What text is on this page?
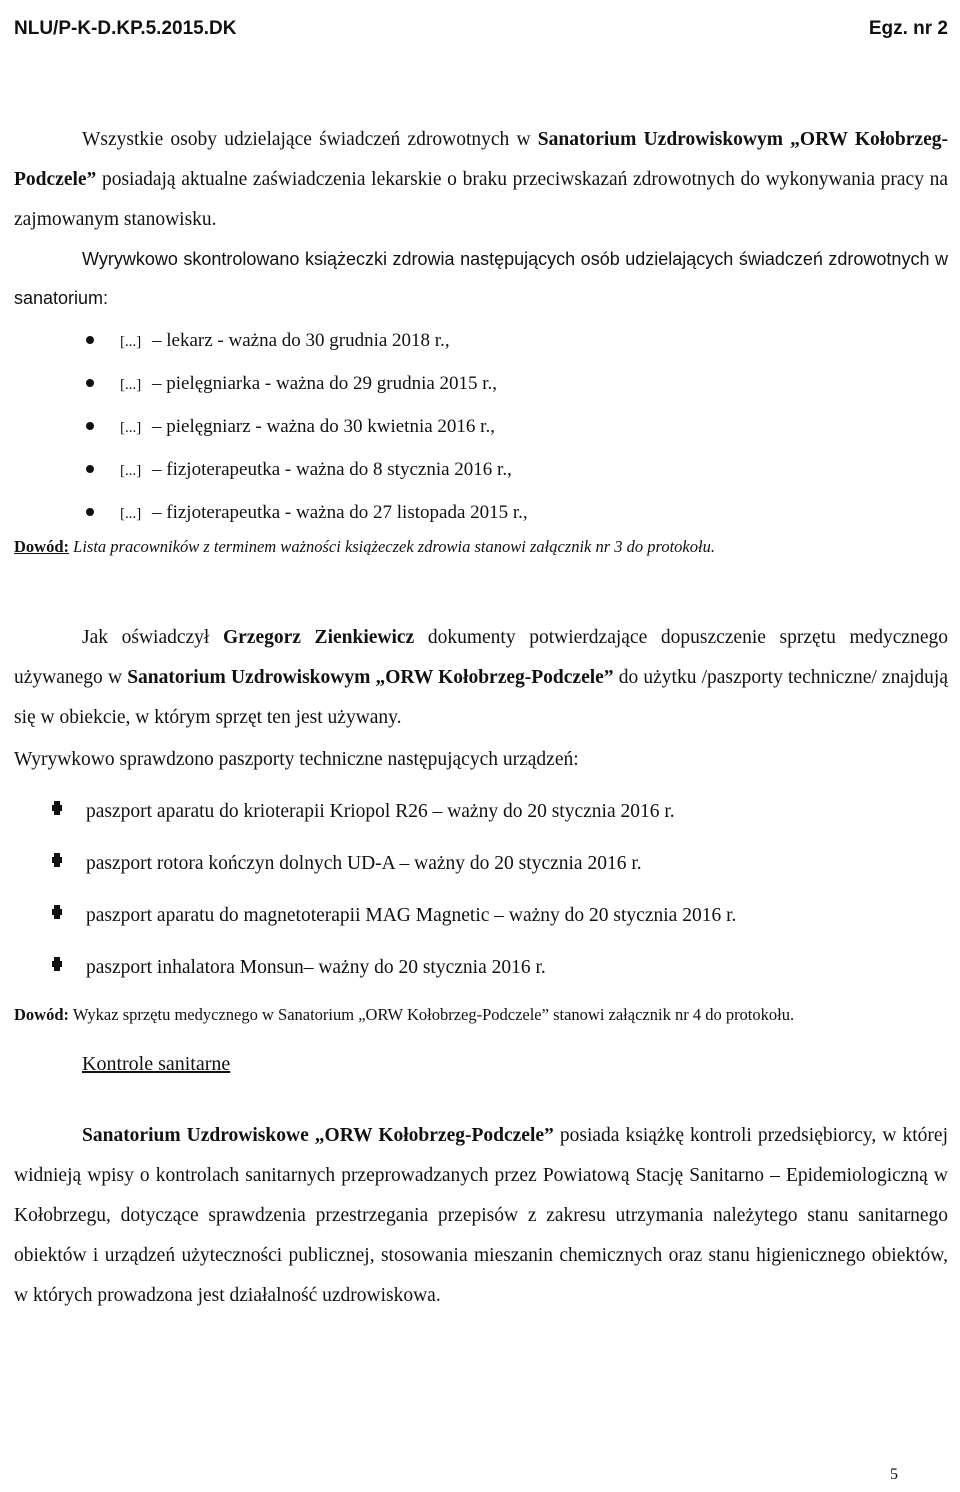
NLU/P-K-D.KP.5.2015.DK	Egz. nr 2

Wszystkie osoby udzielające świadczeń zdrowotnych w Sanatorium Uzdrowiskowym „ORW Kołobrzeg-Podczele” posiadają aktualne zaświadczenia lekarskie o braku przeciwskazań zdrowotnych do wykonywania pracy na zajmowanym stanowisku.

Wyrywkowo skontrolowano książeczki zdrowia następujących osób udzielających świadczeń zdrowotnych w sanatorium:

[...] – lekarz - ważna do 30 grudnia 2018 r.,
[...] – pielęgniarka - ważna do 29 grudnia 2015 r.,
[...] – pielęgniarz - ważna do 30 kwietnia 2016 r.,
[...] – fizjoterapeutka - ważna do 8 stycznia 2016 r.,
[...] – fizjoterapeutka - ważna do 27 listopada 2015 r.,

Dowód: Lista pracowników z terminem ważności książeczek zdrowia stanowi załącznik nr 3 do protokołu.

Jak oświadczył Grzegorz Zienkiewicz dokumenty potwierdzające dopuszczenie sprzętu medycznego używanego w Sanatorium Uzdrowiskowym „ORW Kołobrzeg-Podczele” do użytku /paszporty techniczne/ znajdują się w obiekcie, w którym sprzęt ten jest używany.

Wyrywkowo sprawdzono paszporty techniczne następujących urządzeń:

paszport aparatu do krioterapii Kriopol R26 – ważny do 20 stycznia 2016 r.
paszport rotora kończyn dolnych UD-A – ważny do 20 stycznia 2016 r.
paszport aparatu do magnetoterapii MAG Magnetic – ważny do 20 stycznia 2016 r.
paszport inhalatora Monsun– ważny do 20 stycznia 2016 r.

Dowód: Wykaz sprzętu medycznego w Sanatorium „ORW Kołobrzeg-Podczele” stanowi załącznik nr 4 do protokołu.

Kontrole sanitarne

Sanatorium Uzdrowiskowe „ORW Kołobrzeg-Podczele” posiada książkę kontroli przedsiębiorcy, w której widnieją wpisy o kontrolach sanitarnych przeprowadzanych przez Powiatową Stację Sanitarno – Epidemiologiczną w Kołobrzegu, dotyczące sprawdzenia przestrzegania przepisów z zakresu utrzymania należytego stanu sanitarnego obiektów i urządzeń użyteczności publicznej, stosowania mieszanin chemicznych oraz stanu higienicznego obiektów, w których prowadzona jest działalność uzdrowiskowa.

5
